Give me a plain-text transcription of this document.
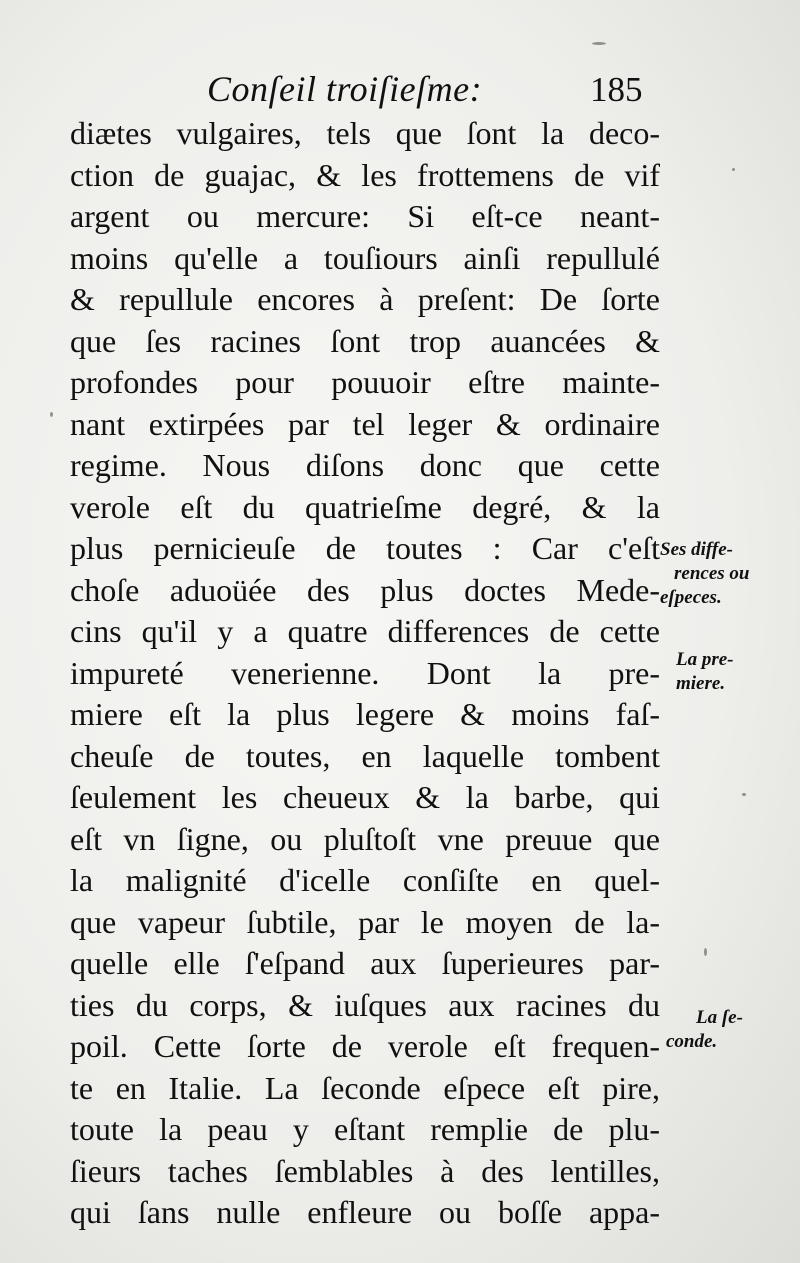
Conſeil troiſieſme:	185
diætes vulgaires, tels que ſont la deco-
ction de guajac, & les frottemens de vif
argent ou mercure: Si eſt-ce neant-
moins qu'elle a touſiours ainſi repullulé
& repullule encores à preſent: De ſorte
que ſes racines ſont trop auancées &
profondes pour pouuoir eſtre mainte-
nant extirpées par tel leger & ordinaire
regime. Nous diſons donc que cette
verole eſt du quatrieſme degré, & la
plus pernicieuſe de toutes : Car c'eſt
choſe aduoüée des plus doctes Mede-
cins qu'il y a quatre differences de cette
impureté venerienne. Dont la pre-
miere eſt la plus legere & moins faſ-
cheuſe de toutes, en laquelle tombent
ſeulement les cheueux & la barbe, qui
eſt vn ſigne, ou pluſtoſt vne preuue que
la malignité d'icelle conſiſte en quel-
que vapeur ſubtile, par le moyen de la-
quelle elle ſ'eſpand aux ſuperieures par-
ties du corps, & iuſques aux racines du
poil. Cette ſorte de verole eſt frequen-
te en Italie. La ſeconde eſpece eſt pire,
toute la peau y eſtant remplie de plu-
ſieurs taches ſemblables à des lentilles,
qui ſans nulle enfleure ou boſſe appa-
Ses diffe-
rences ou
eſpeces.
La pre-
miere.
La ſe-
conde.
